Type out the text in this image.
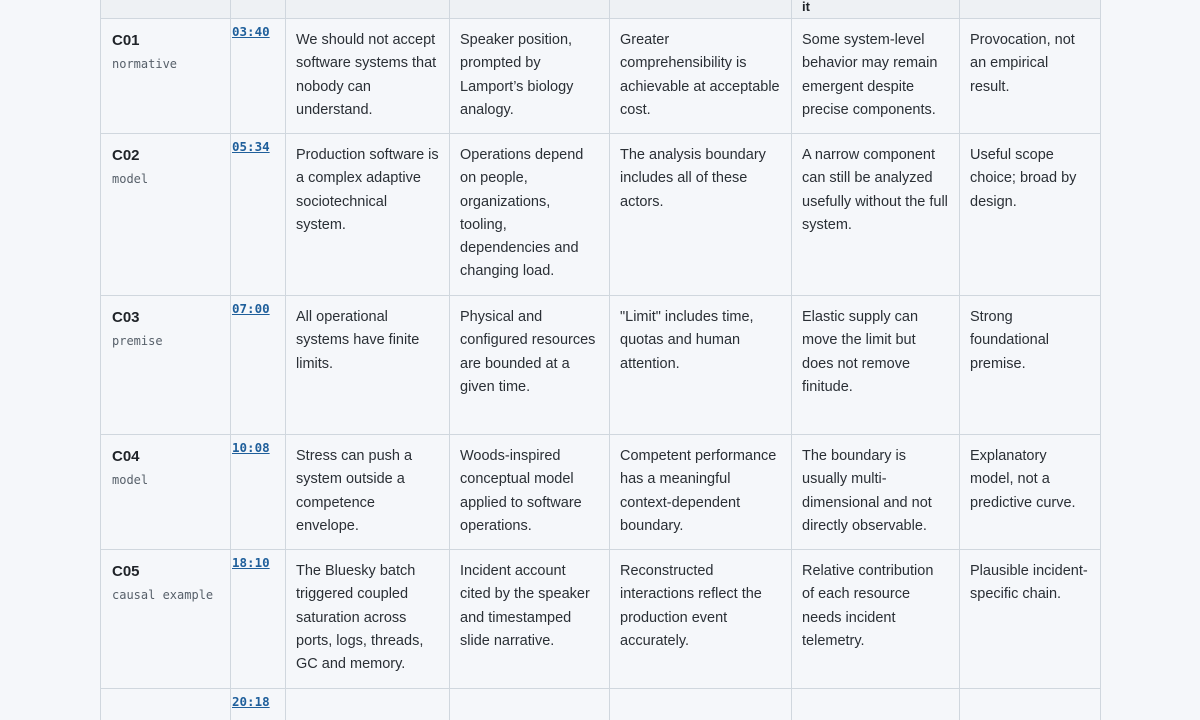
					it	

C01
normative	03:40	We should not accept software systems that nobody can understand.	Speaker position, prompted by Lamport’s biology analogy.	Greater comprehensibility is achievable at acceptable cost.	Some system-level behavior may remain emergent despite precise components.	Provocation, not an empirical result.

C02
model	05:34	Production software is a complex adaptive sociotechnical system.	Operations depend on people, organizations, tooling, dependencies and changing load.	The analysis boundary includes all of these actors.	A narrow component can still be analyzed usefully without the full system.	Useful scope choice; broad by design.

C03
premise	07:00	All operational systems have finite limits.	Physical and configured resources are bounded at a given time.	"Limit" includes time, quotas and human attention.	Elastic supply can move the limit but does not remove finitude.	Strong foundational premise.

C04
model	10:08	Stress can push a system outside a competence envelope.	Woods-inspired conceptual model applied to software operations.	Competent performance has a meaningful context-dependent boundary.	The boundary is usually multi-dimensional and not directly observable.	Explanatory model, not a predictive curve.

C05
causal example	18:10	The Bluesky batch triggered coupled saturation across ports, logs, threads, GC and memory.	Incident account cited by the speaker and timestamped slide narrative.	Reconstructed interactions reflect the production event accurately.	Relative contribution of each resource needs incident telemetry.	Plausible incident-specific chain.

	20:18					
